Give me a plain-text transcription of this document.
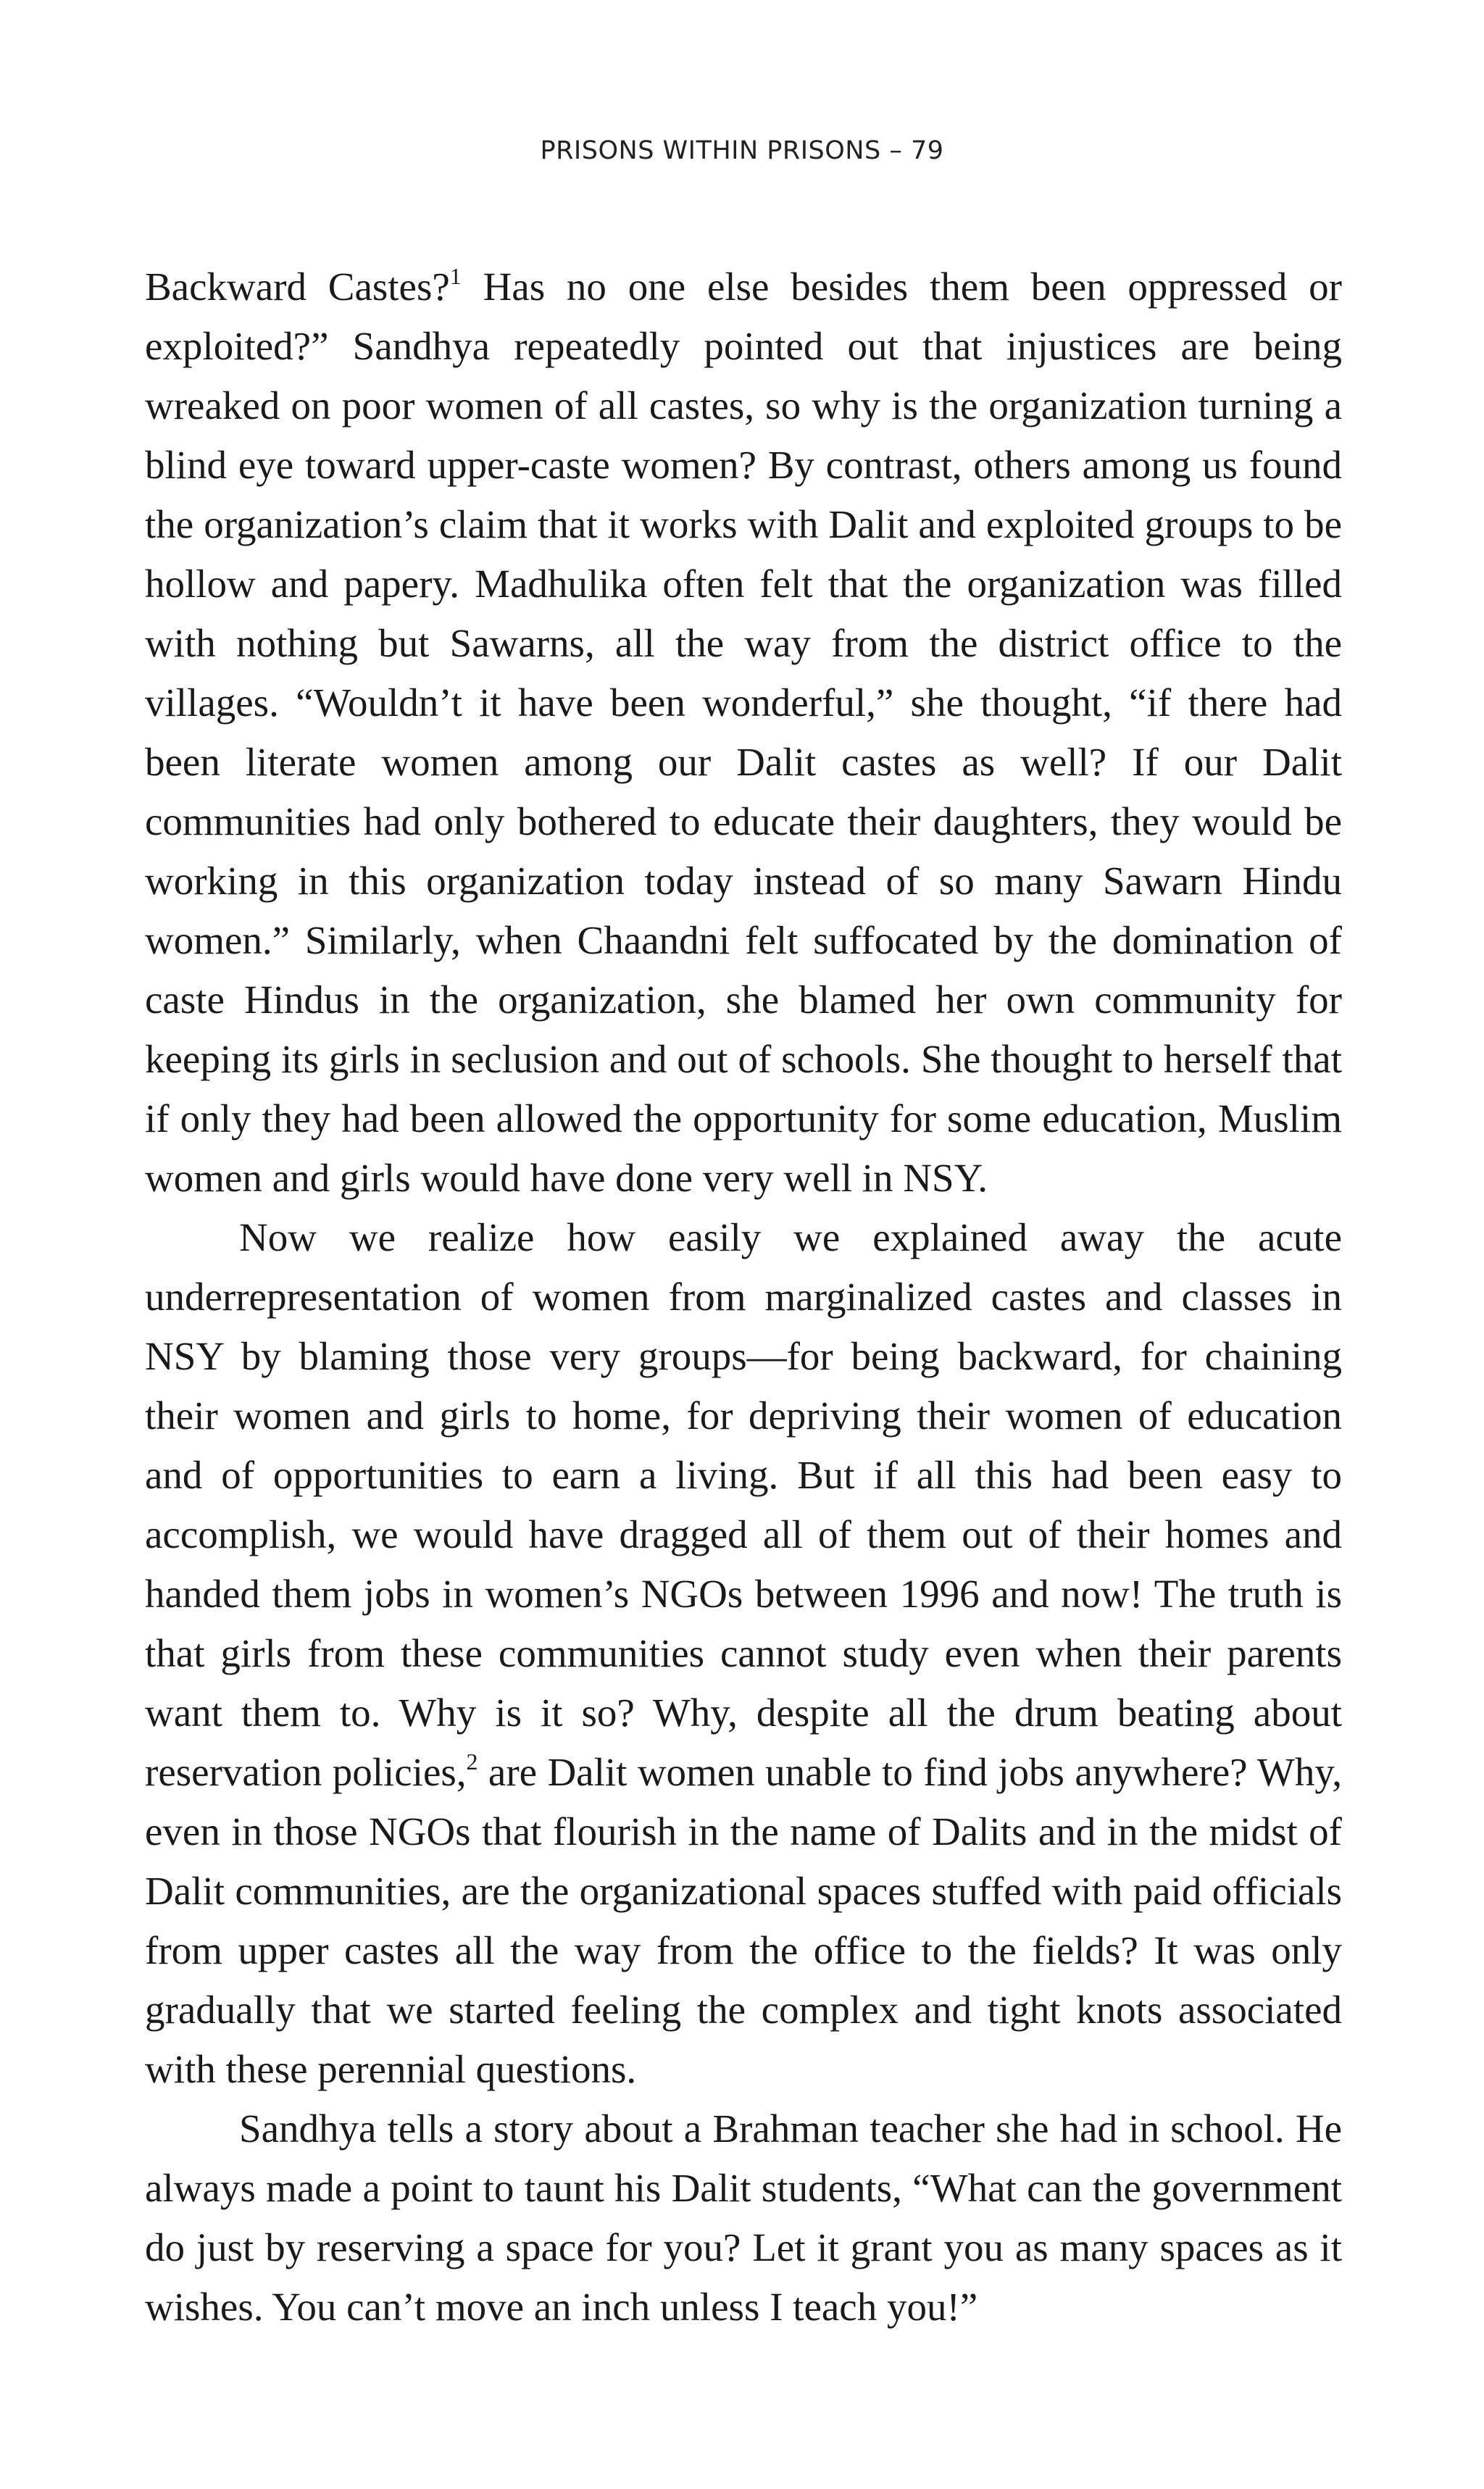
PRISONS WITHIN PRISONS – 79

Backward Castes?$^1$ Has no one else besides them been oppressed or exploited?” Sandhya repeatedly pointed out that injustices are being wreaked on poor women of all castes, so why is the organization turning a blind eye toward upper-caste women? By contrast, others among us found the organization’s claim that it works with Dalit and exploited groups to be hollow and papery. Madhulika often felt that the organization was filled with nothing but Sawarns, all the way from the district office to the villages. “Wouldn’t it have been wonderful,” she thought, “if there had been literate women among our Dalit castes as well? If our Dalit communities had only bothered to educate their daughters, they would be working in this organization today instead of so many Sawarn Hindu women.” Similarly, when Chaandni felt suffocated by the domination of caste Hindus in the organization, she blamed her own community for keeping its girls in seclusion and out of schools. She thought to herself that if only they had been allowed the opportunity for some education, Muslim women and girls would have done very well in NSY.

Now we realize how easily we explained away the acute underrepresentation of women from marginalized castes and classes in NSY by blaming those very groups—for being backward, for chaining their women and girls to home, for depriving their women of education and of opportunities to earn a living. But if all this had been easy to accomplish, we would have dragged all of them out of their homes and handed them jobs in women’s NGOs between 1996 and now! The truth is that girls from these communities cannot study even when their parents want them to. Why is it so? Why, despite all the drum beating about reservation policies,$^2$ are Dalit women unable to find jobs anywhere? Why, even in those NGOs that flourish in the name of Dalits and in the midst of Dalit communities, are the organizational spaces stuffed with paid officials from upper castes all the way from the office to the fields? It was only gradually that we started feeling the complex and tight knots associated with these perennial questions.

Sandhya tells a story about a Brahman teacher she had in school. He always made a point to taunt his Dalit students, “What can the government do just by reserving a space for you? Let it grant you as many spaces as it wishes. You can’t move an inch unless I teach you!”
